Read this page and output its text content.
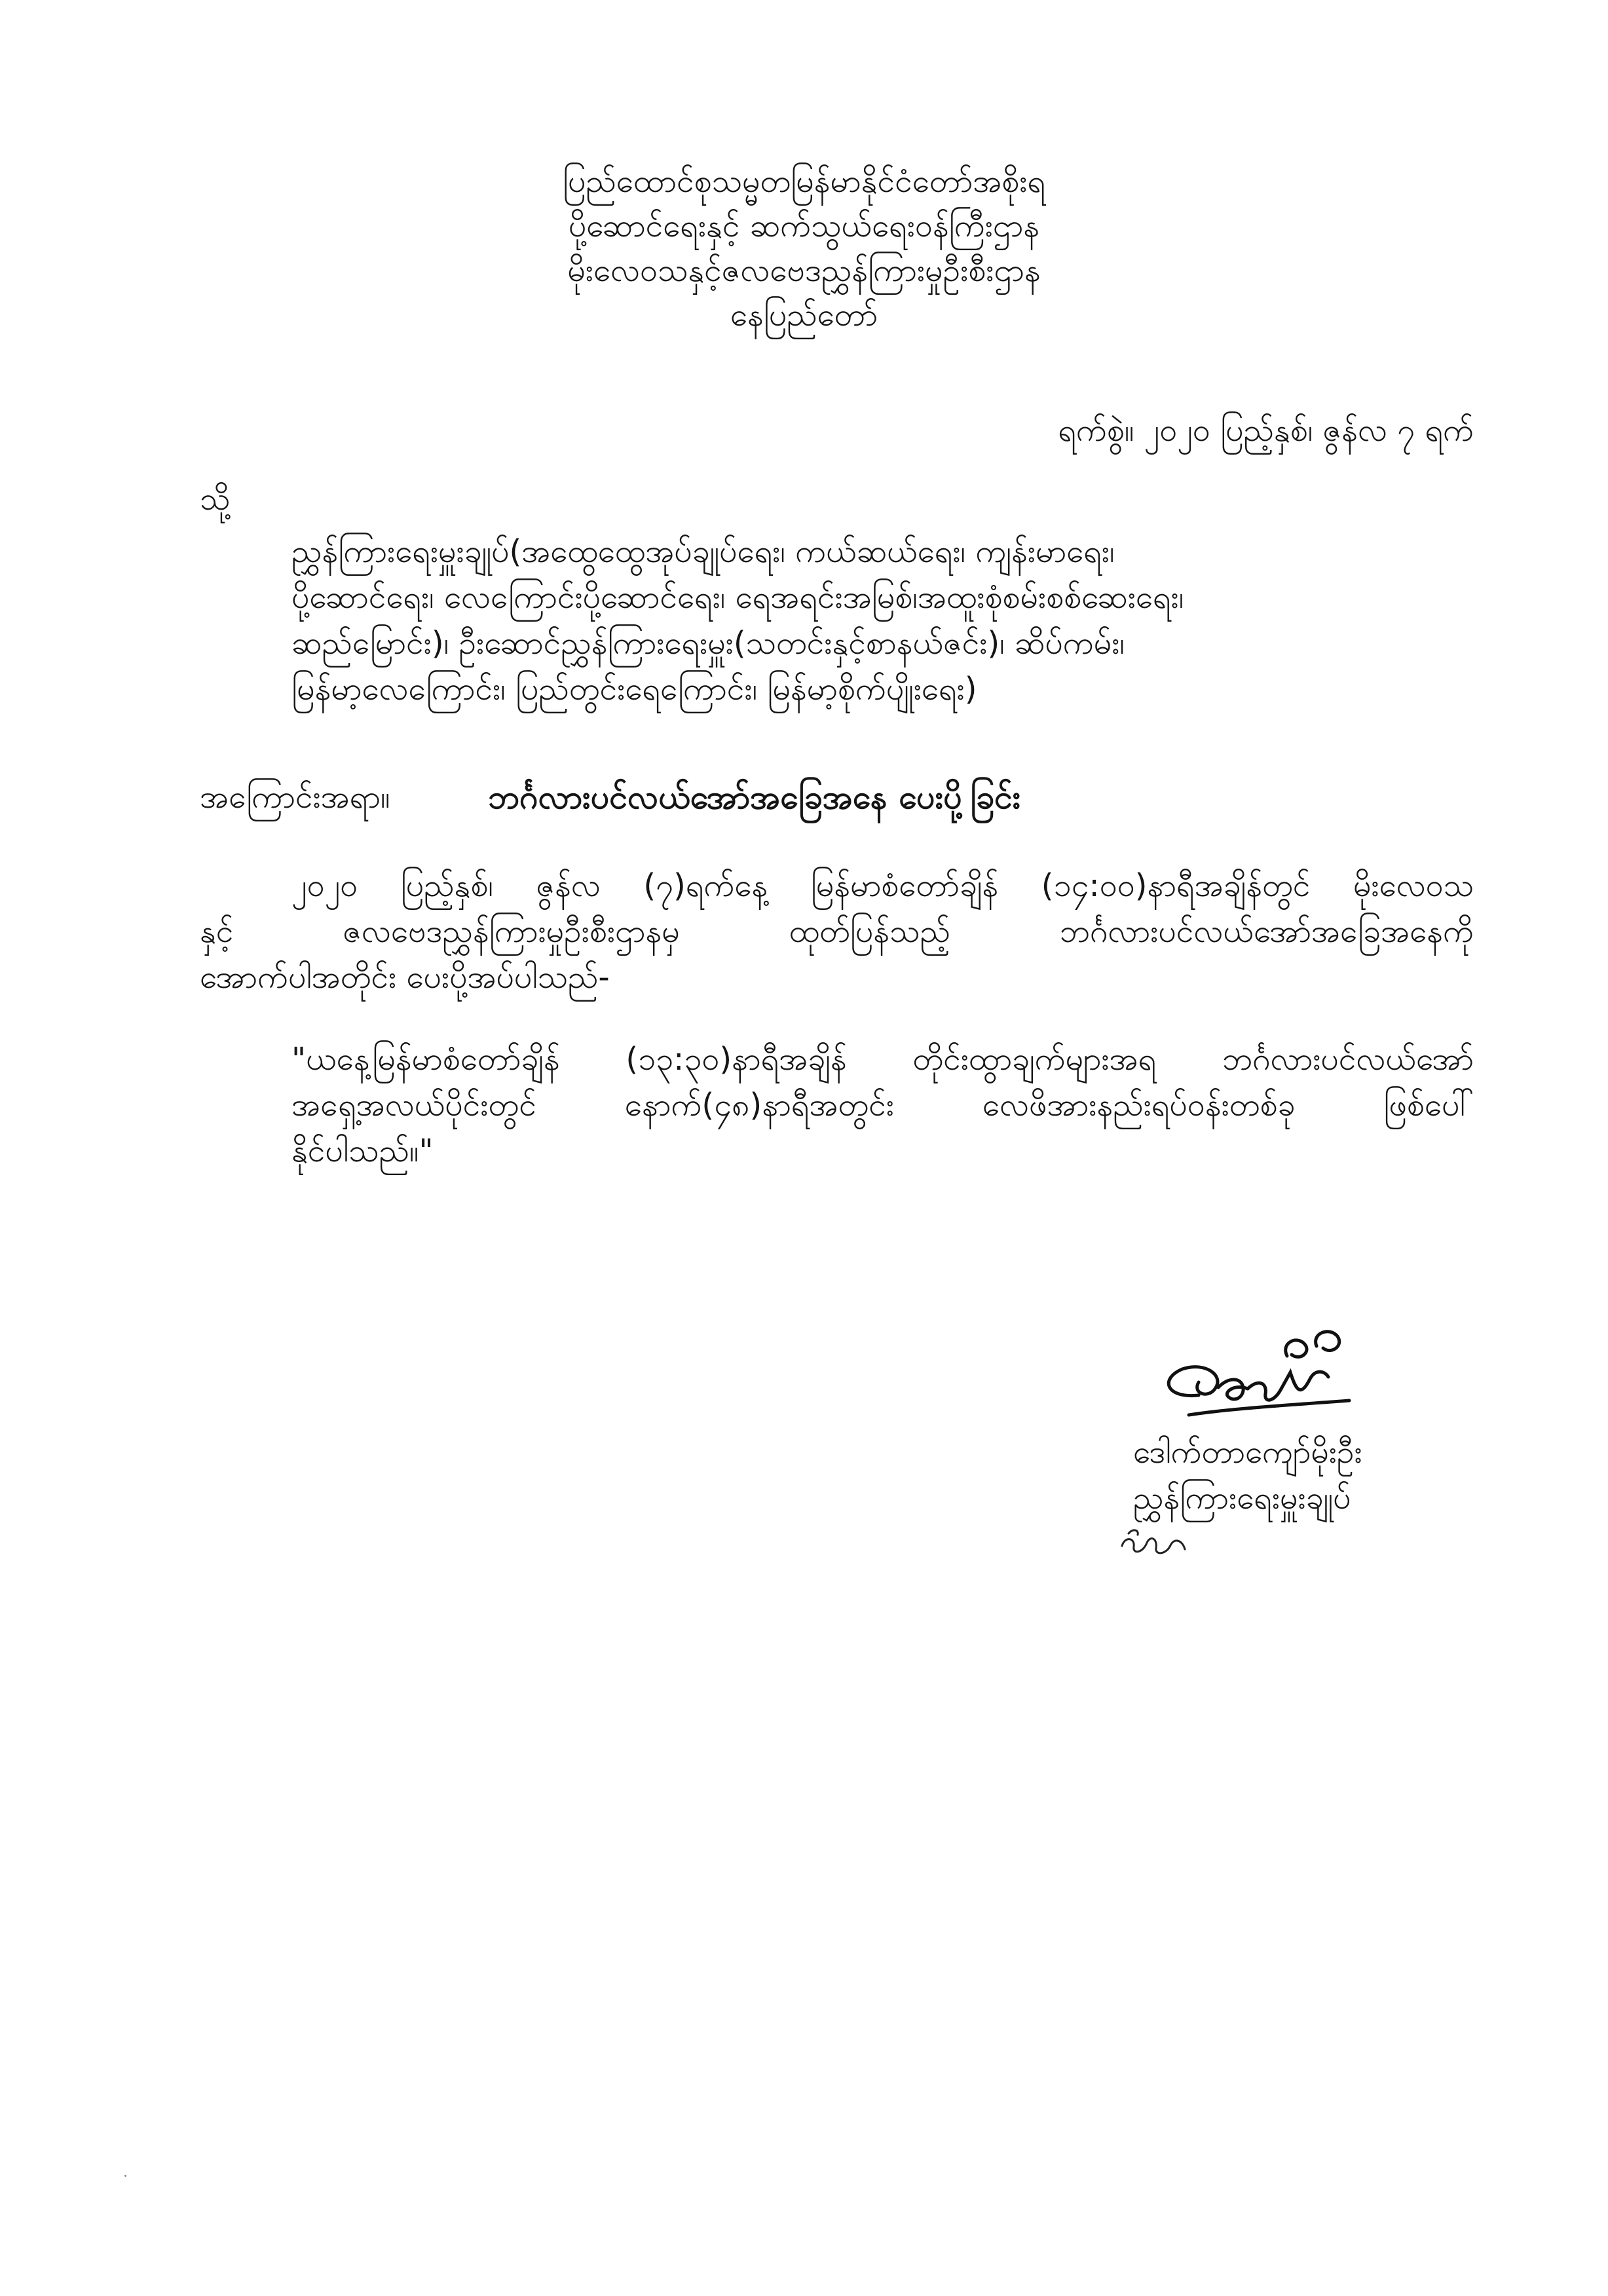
ပြည်ထောင်စုသမ္မတမြန်မာနိုင်ငံတော်အစိုးရ
ပို့ဆောင်ရေးနှင့် ဆက်သွယ်ရေးဝန်ကြီးဌာန
မိုးလေဝသနှင့်ဇလဗေဒညွှန်ကြားမှုဦးစီးဌာန
နေပြည်တော်
ရက်စွဲ။ ၂၀၂၀ ပြည့်နှစ်၊ ဇွန်လ ၇ ရက်
သို့
ညွှန်ကြားရေးမှူးချုပ်(အထွေထွေအုပ်ချုပ်ရေး၊ ကယ်ဆယ်ရေး၊ ကျန်းမာရေး၊
ပို့ဆောင်ရေး၊ လေကြောင်းပို့ဆောင်ရေး၊ ရေအရင်းအမြစ်၊အထူးစုံစမ်းစစ်ဆေးရေး၊
ဆည်မြောင်း)၊ ဦးဆောင်ညွှန်ကြားရေးမှူး(သတင်းနှင့်စာနယ်ဇင်း)၊ ဆိပ်ကမ်း၊
မြန်မာ့လေကြောင်း၊ ပြည်တွင်းရေကြောင်း၊ မြန်မာ့စိုက်ပျိုးရေး)
အကြောင်းအရာ။	ဘင်္ဂလားပင်လယ်အော်အခြေအနေ ပေးပို့ခြင်း
၂၀၂၀ ပြည့်နှစ်၊ ဇွန်လ (၇)ရက်နေ့ မြန်မာစံတော်ချိန် (၁၄:၀၀)နာရီအချိန်တွင် မိုးလေဝသ
နှင့် ဇလဗေဒညွှန်ကြားမှုဦးစီးဌာနမှ ထုတ်ပြန်သည့် ဘင်္ဂလားပင်လယ်အော်အခြေအနေကို
အောက်ပါအတိုင်း ပေးပို့အပ်ပါသည်-
"ယနေ့မြန်မာစံတော်ချိန် (၁၃:၃၀)နာရီအချိန် တိုင်းထွာချက်များအရ ဘင်္ဂလားပင်လယ်အော်
အရှေ့အလယ်ပိုင်းတွင် နောက်(၄၈)နာရီအတွင်း လေဖိအားနည်းရပ်ဝန်းတစ်ခု ဖြစ်ပေါ်
နိုင်ပါသည်။"
ဒေါက်တာကျော်မိုးဦး
ညွှန်ကြားရေးမှူးချုပ်
